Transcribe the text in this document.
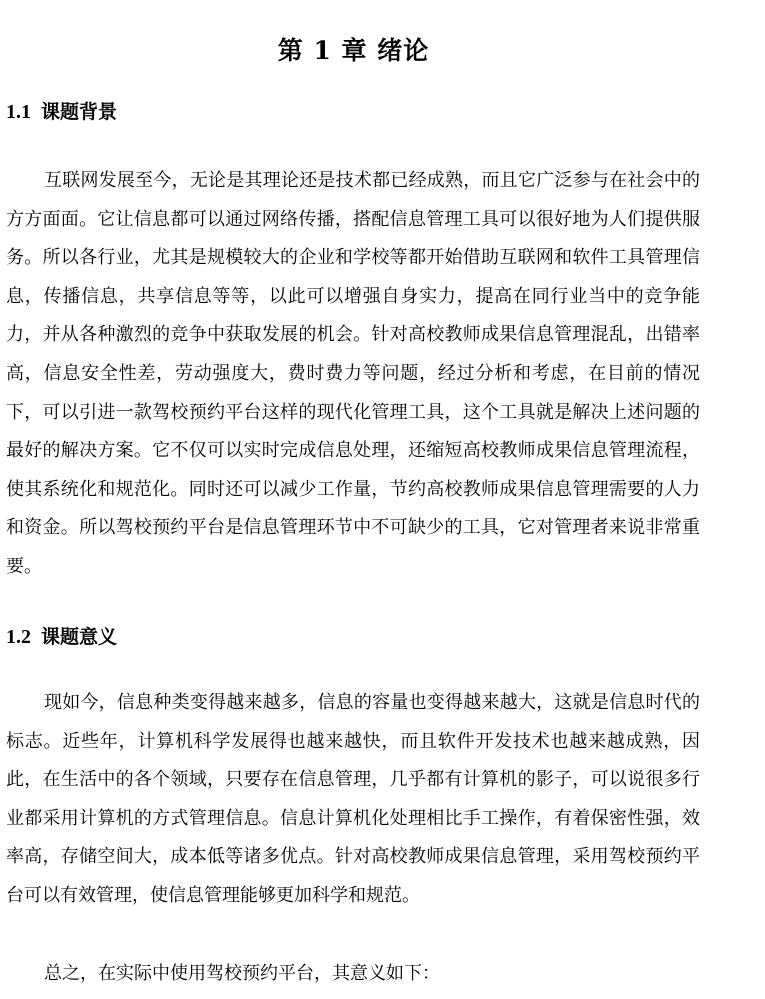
第 1 章 绪论
1.1 课题背景

互联网发展至今，无论是其理论还是技术都已经成熟，而且它广泛参与在社会中的方方面面。它让信息都可以通过网络传播，搭配信息管理工具可以很好地为人们提供服务。所以各行业，尤其是规模较大的企业和学校等都开始借助互联网和软件工具管理信息，传播信息，共享信息等等，以此可以增强自身实力，提高在同行业当中的竞争能力，并从各种激烈的竞争中获取发展的机会。针对高校教师成果信息管理混乱，出错率高，信息安全性差，劳动强度大，费时费力等问题，经过分析和考虑，在目前的情况下，可以引进一款驾校预约平台这样的现代化管理工具，这个工具就是解决上述问题的最好的解决方案。它不仅可以实时完成信息处理，还缩短高校教师成果信息管理流程，使其系统化和规范化。同时还可以减少工作量，节约高校教师成果信息管理需要的人力和资金。所以驾校预约平台是信息管理环节中不可缺少的工具，它对管理者来说非常重要。

1.2 课题意义

现如今，信息种类变得越来越多，信息的容量也变得越来越大，这就是信息时代的标志。近些年，计算机科学发展得也越来越快，而且软件开发技术也越来越成熟，因此，在生活中的各个领域，只要存在信息管理，几乎都有计算机的影子，可以说很多行业都采用计算机的方式管理信息。信息计算机化处理相比手工操作，有着保密性强，效率高，存储空间大，成本低等诸多优点。针对高校教师成果信息管理，采用驾校预约平台可以有效管理，使信息管理能够更加科学和规范。

总之，在实际中使用驾校预约平台，其意义如下：
